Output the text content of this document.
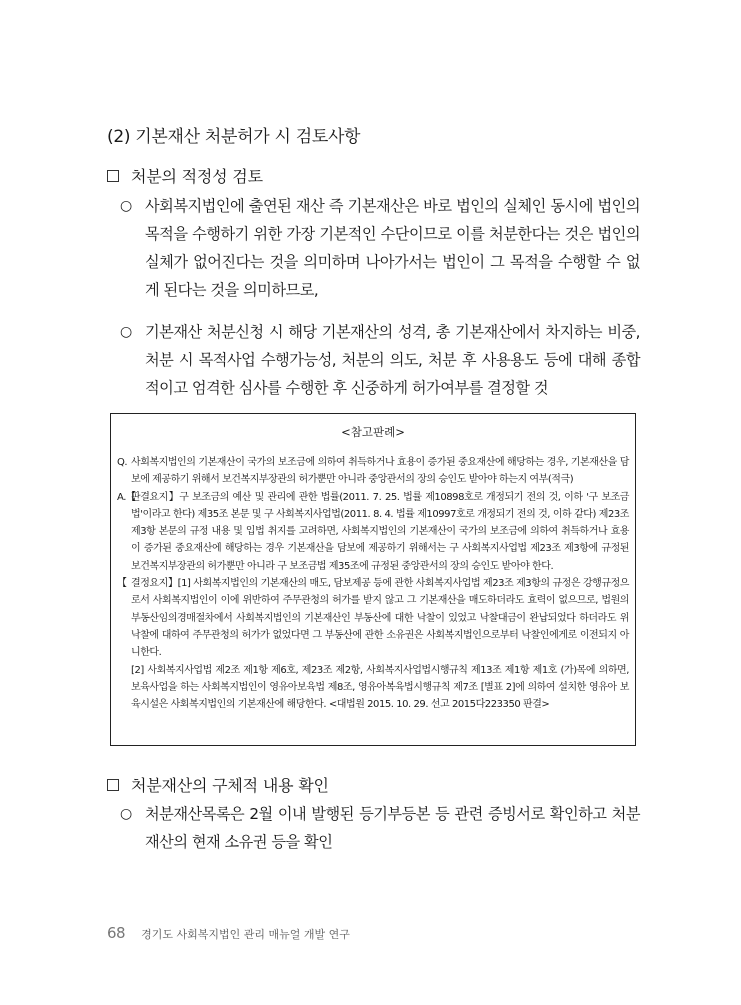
(2) 기본재산 처분허가 시 검토사항
처분의 적정성 검토
○ 사회복지법인에 출연된 재산 즉 기본재산은 바로 법인의 실체인 동시에 법인의 목적을 수행하기 위한 가장 기본적인 수단이므로 이를 처분한다는 것은 법인의 실체가 없어진다는 것을 의미하며 나아가서는 법인이 그 목적을 수행할 수 없게 된다는 것을 의미하므로,
○ 기본재산 처분신청 시 해당 기본재산의 성격, 총 기본재산에서 차지하는 비중, 처분 시 목적사업 수행가능성, 처분의 의도, 처분 후 사용용도 등에 대해 종합적이고 엄격한 심사를 수행한 후 신중하게 허가여부를 결정할 것
<참고판례>
Q. 사회복지법인의 기본재산이 국가의 보조금에 의하여 취득하거나 효용이 증가된 중요재산에 해당하는 경우, 기본재산을 담보에 제공하기 위해서 보건복지부장관의 허가뿐만 아니라 중앙관서의 장의 승인도 받아야 하는지 여부(적극)
A.【
판결요지】구 보조금의 예산 및 관리에 관한 법률(2011. 7. 25. 법률 제10898호로 개정되기 전의 것, 이하 '구 보조금법'이라고 한다) 제35조 본문 및 구 사회복지사업법(2011. 8. 4. 법률 제10997호로 개정되기 전의 것, 이하 같다) 제23조 제3항 본문의 규정 내용 및 입법 취지를 고려하면, 사회복지법인의 기본재산이 국가의 보조금에 의하여 취득하거나 효용이 증가된 중요재산에 해당하는 경우 기본재산을 담보에 제공하기 위해서는 구 사회복지사업법 제23조 제3항에 규정된 보건복지부장관의 허가뿐만 아니라 구 보조금법 제35조에 규정된 중앙관서의 장의 승인도 받아야 한다.
【 결정요지】[1] 사회복지법인의 기본재산의 매도, 담보제공 등에 관한 사회복지사업법 제23조 제3항의 규정은 강행규정으로서 사회복지법인이 이에 위반하여 주무관청의 허가를 받지 않고 그 기본재산을 매도하더라도 효력이 없으므로, 법원의 부동산임의경매절차에서 사회복지법인의 기본재산인 부동산에 대한 낙찰이 있었고 낙찰대금이 완납되었다 하더라도 위 낙찰에 대하여 주무관청의 허가가 없었다면 그 부동산에 관한 소유권은 사회복지법인으로부터 낙찰인에게로 이전되지 아니한다.
[2] 사회복지사업법 제2조 제1항 제6호, 제23조 제2항, 사회복지사업법시행규칙 제13조 제1항 제1호 (가)목에 의하면, 보육사업을 하는 사회복지법인이 영유아보육법 제8조, 영유아복육법시행규칙 제7조 [별표 2]에 의하여 설치한 영유아 보육시설은 사회복지법인의 기본재산에 해당한다. <대법원 2015. 10. 29. 선고 2015다223350 판결>
처분재산의 구체적 내용 확인
○ 처분재산목록은 2월 이내 발행된 등기부등본 등 관련 증빙서로 확인하고 처분재산의 현재 소유권 등을 확인
68 경기도 사회복지법인 관리 매뉴얼 개발 연구
